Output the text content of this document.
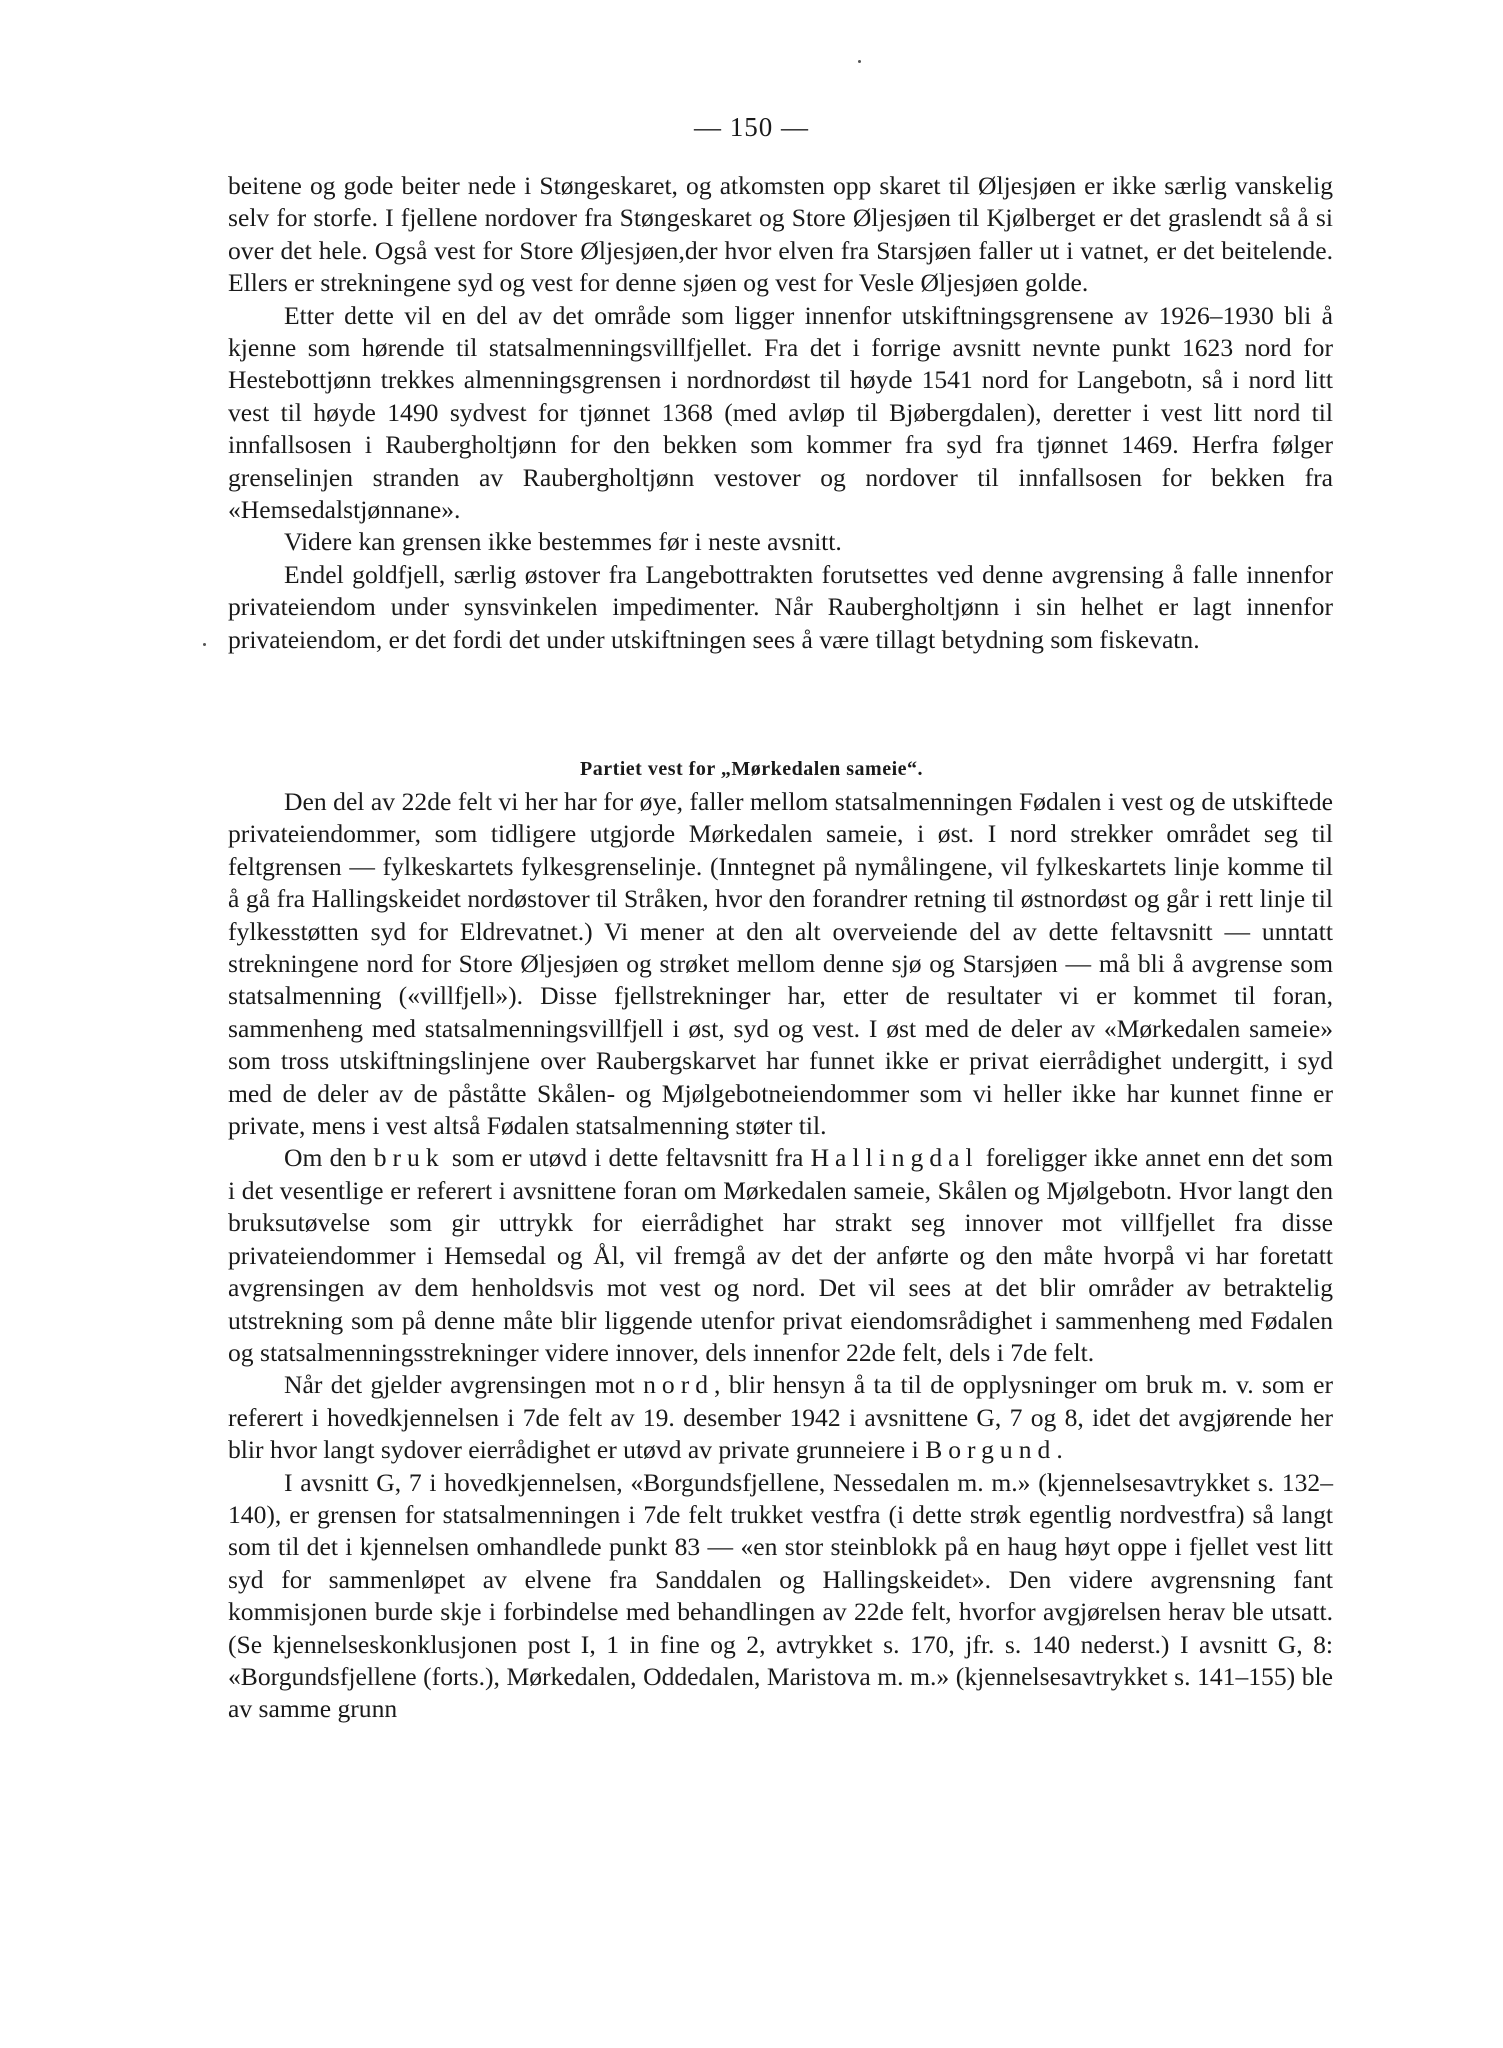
— 150 —

beitene og gode beiter nede i Støngeskaret, og atkomsten opp skaret til Øljesjøen er ikke særlig vanskelig selv for storfe. I fjellene nordover fra Støngeskaret og Store Øljesjøen til Kjølberget er det graslendt så å si over det hele. Også vest for Store Øljesjøen,der hvor elven fra Starsjøen faller ut i vatnet, er det beitelende. Ellers er strekningene syd og vest for denne sjøen og vest for Vesle Øljesjøen golde.

Etter dette vil en del av det område som ligger innenfor utskiftningsgrensene av 1926–1930 bli å kjenne som hørende til statsalmenningsvillfjellet. Fra det i forrige avsnitt nevnte punkt 1623 nord for Hestebottjønn trekkes almenningsgrensen i nordnordøst til høyde 1541 nord for Langebotn, så i nord litt vest til høyde 1490 sydvest for tjønnet 1368 (med avløp til Bjøbergdalen), deretter i vest litt nord til innfallsosen i Raubergholtjønn for den bekken som kommer fra syd fra tjønnet 1469. Herfra følger grenselinjen stranden av Raubergholtjønn vestover og nordover til innfallsosen for bekken fra «Hemsedalstjønnane».

Videre kan grensen ikke bestemmes før i neste avsnitt.

Endel goldfjell, særlig østover fra Langebottrakten forutsettes ved denne avgrensing å falle innenfor privateiendom under synsvinkelen impedimenter. Når Raubergholtjønn i sin helhet er lagt innenfor privateiendom, er det fordi det under utskiftningen sees å være tillagt betydning som fiskevatn.

Partiet vest for „Mørkedalen sameie“.

Den del av 22de felt vi her har for øye, faller mellom statsalmenningen Fødalen i vest og de utskiftede privateiendommer, som tidligere utgjorde Mørkedalen sameie, i øst. I nord strekker området seg til feltgrensen — fylkeskartets fylkesgrenselinje. (Inntegnet på nymålingene, vil fylkeskartets linje komme til å gå fra Hallingskeidet nordøstover til Stråken, hvor den forandrer retning til østnordøst og går i rett linje til fylkesstøtten syd for Eldrevatnet.) Vi mener at den alt overveiende del av dette feltavsnitt — unntatt strekningene nord for Store Øljesjøen og strøket mellom denne sjø og Starsjøen — må bli å avgrense som statsalmenning («villfjell»). Disse fjellstrekninger har, etter de resultater vi er kommet til foran, sammenheng med statsalmenningsvillfjell i øst, syd og vest. I øst med de deler av «Mørkedalen sameie» som tross utskiftningslinjene over Raubergskarvet har funnet ikke er privat eierrådighet undergitt, i syd med de deler av de påståtte Skålen- og Mjølgebotneiendommer som vi heller ikke har kunnet finne er private, mens i vest altså Fødalen statsalmenning støter til.

Om den bruk som er utøvd i dette feltavsnitt fra Hallingdal foreligger ikke annet enn det som i det vesentlige er referert i avsnittene foran om Mørkedalen sameie, Skålen og Mjølgebotn. Hvor langt den bruksutøvelse som gir uttrykk for eierrådighet har strakt seg innover mot villfjellet fra disse privateiendommer i Hemsedal og Ål, vil fremgå av det der anførte og den måte hvorpå vi har foretatt avgrensingen av dem henholdsvis mot vest og nord. Det vil sees at det blir områder av betraktelig utstrekning som på denne måte blir liggende utenfor privat eiendomsrådighet i sammenheng med Fødalen og statsalmenningsstrekninger videre innover, dels innenfor 22de felt, dels i 7de felt.

Når det gjelder avgrensingen mot nord, blir hensyn å ta til de opplysninger om bruk m. v. som er referert i hovedkjennelsen i 7de felt av 19. desember 1942 i avsnittene G, 7 og 8, idet det avgjørende her blir hvor langt sydover eierrådighet er utøvd av private grunneiere i Borgund.

I avsnitt G, 7 i hovedkjennelsen, «Borgundsfjellene, Nessedalen m. m.» (kjennelsesavtrykket s. 132–140), er grensen for statsalmenningen i 7de felt trukket vestfra (i dette strøk egentlig nordvestfra) så langt som til det i kjennelsen omhandlede punkt 83 — «en stor steinblokk på en haug høyt oppe i fjellet vest litt syd for sammenløpet av elvene fra Sanddalen og Hallingskeidet». Den videre avgrensning fant kommisjonen burde skje i forbindelse med behandlingen av 22de felt, hvorfor avgjørelsen herav ble utsatt. (Se kjennelseskonklusjonen post I, 1 in fine og 2, avtrykket s. 170, jfr. s. 140 nederst.) I avsnitt G, 8: «Borgundsfjellene (forts.), Mørkedalen, Oddedalen, Maristova m. m.» (kjennelsesavtrykket s. 141–155) ble av samme grunn
